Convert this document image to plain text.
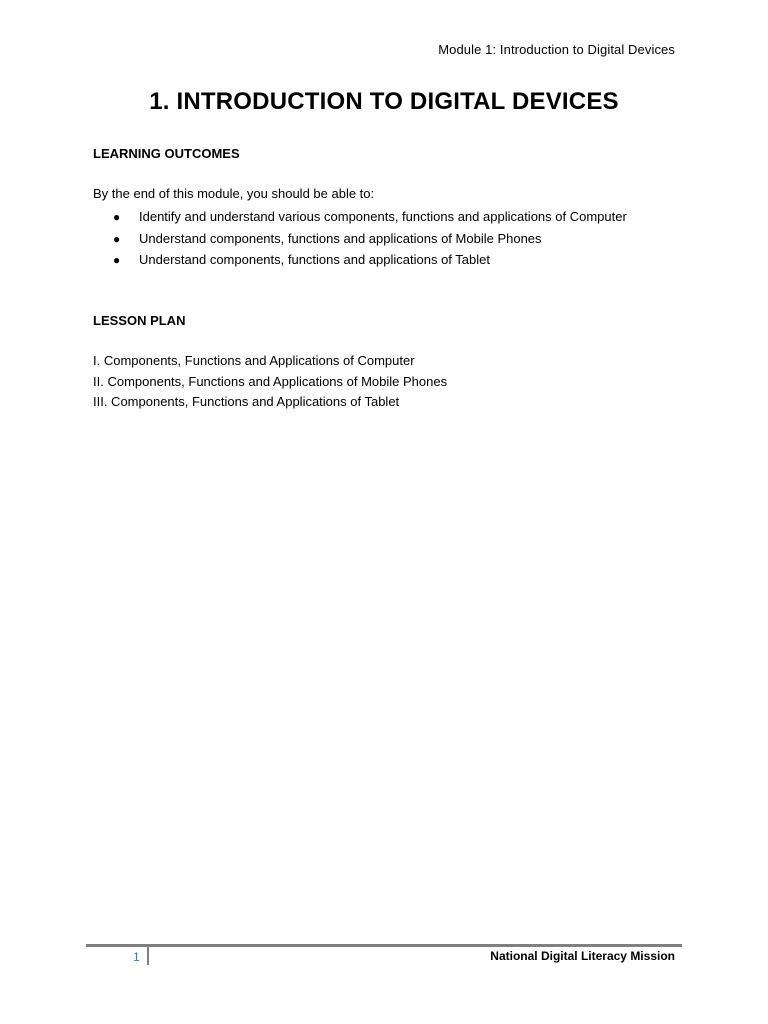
Module 1: Introduction to Digital Devices
1. INTRODUCTION TO DIGITAL DEVICES
LEARNING OUTCOMES

By the end of this module, you should be able to:

● Identify and understand various components, functions and applications of Computer
● Understand components, functions and applications of Mobile Phones
● Understand components, functions and applications of Tablet
LESSON PLAN
I. Components, Functions and Applications of Computer
II. Components, Functions and Applications of Mobile Phones
III. Components, Functions and Applications of Tablet
1	National Digital Literacy Mission
